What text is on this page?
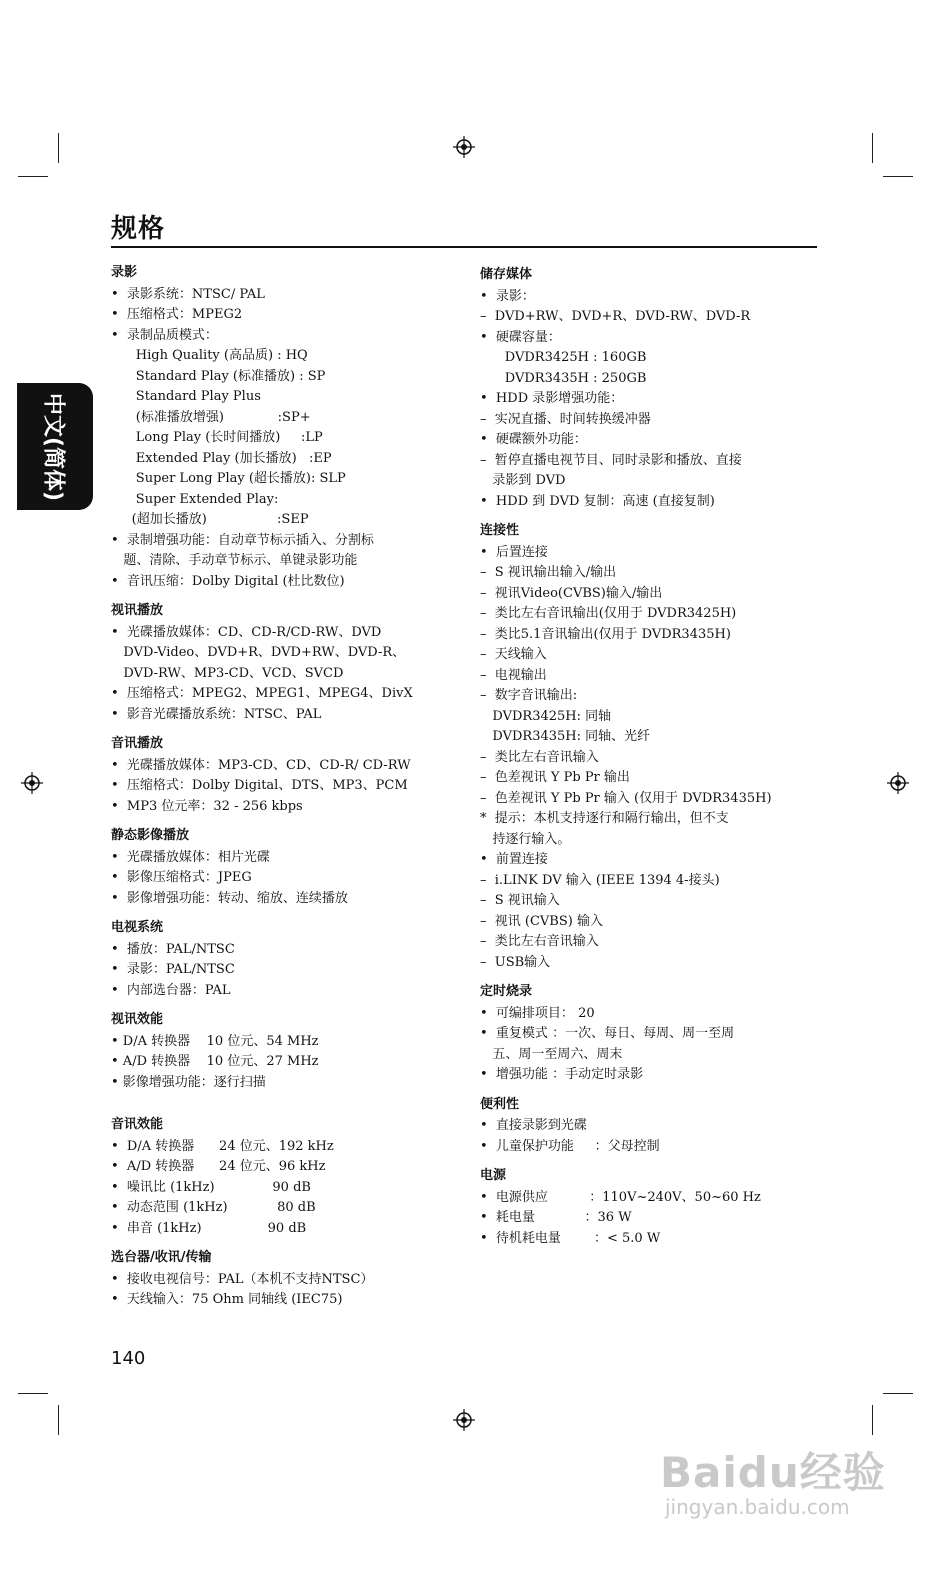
中文(简体)
规格
录影
•  录影系统：NTSC/ PAL
•  压缩格式：MPEG2
•  录制品质模式：
High Quality (高品质) : HQ
Standard Play (标准播放) : SP
Standard Play Plus
(标准播放增强)             :SP+
Long Play (长时间播放)     :LP
Extended Play (加长播放)   :EP
Super Long Play (超长播放): SLP
Super Extended Play:
(超加长播放)                 :SEP
•  录制增强功能：自动章节标示插入、分割标
题、清除、手动章节标示、单键录影功能
•  音讯压缩：Dolby Digital (杜比数位)
视讯播放
•  光碟播放媒体：CD、CD-R/CD-RW、DVD
DVD-Video、DVD+R、DVD+RW、DVD-R、
DVD-RW、MP3-CD、VCD、SVCD
•  压缩格式：MPEG2、MPEG1、MPEG4、DivX
•  影音光碟播放系统：NTSC、PAL
音讯播放
•  光碟播放媒体：MP3-CD、CD、CD-R/ CD-RW
•  压缩格式：Dolby Digital、DTS、MP3、PCM
•  MP3 位元率：32 - 256 kbps
静态影像播放
•  光碟播放媒体：相片光碟
•  影像压缩格式：JPEG
•  影像增强功能：转动、缩放、连续播放
电视系统
•  播放：PAL/NTSC
•  录影：PAL/NTSC
•  内部选台器：PAL
视讯效能
• D/A 转换器    10 位元、54 MHz
• A/D 转换器    10 位元、27 MHz
• 影像增强功能：逐行扫描
音讯效能
•  D/A 转换器      24 位元、192 kHz
•  A/D 转换器      24 位元、96 kHz
•  噪讯比 (1kHz)              90 dB
•  动态范围 (1kHz)            80 dB
•  串音 (1kHz)                90 dB
选台器/收讯/传输
•  接收电视信号：PAL（本机不支持NTSC）
•  天线输入：75 Ohm 同轴线 (IEC75)
储存媒体
•  录影：
–  DVD+RW、DVD+R、DVD-RW、DVD-R
•  硬碟容量：
DVDR3425H : 160GB
DVDR3435H : 250GB
•  HDD 录影增强功能：
–  实况直播、时间转换缓冲器
•  硬碟额外功能：
–  暂停直播电视节目、同时录影和播放、直接
录影到 DVD
•  HDD 到 DVD 复制：高速 (直接复制)
连接性
•  后置连接
–  S 视讯输出输入/输出
–  视讯Video(CVBS)输入/输出
–  类比左右音讯输出(仅用于 DVDR3425H)
–  类比5.1音讯输出(仅用于 DVDR3435H)
–  天线输入
–  电视输出
–  数字音讯输出:
DVDR3425H: 同轴
DVDR3435H: 同轴、光纤
–  类比左右音讯输入
–  色差视讯 Y Pb Pr 输出
–  色差视讯 Y Pb Pr 输入 (仅用于 DVDR3435H)
*  提示：本机支持逐行和隔行输出，但不支
持逐行输入。
•  前置连接
–  i.LINK DV 输入 (IEEE 1394 4-接头)
–  S 视讯输入
–  视讯 (CVBS) 输入
–  类比左右音讯输入
–  USB输入
定时烧录
•  可编排项目： 20
•  重复模式 ：一次、每日、每周、周一至周
五、周一至周六、周末
•  增强功能 ：手动定时录影
便利性
•  直接录影到光碟
•  儿童保护功能     ：父母控制
电源
•  电源供应          ：110V~240V、50~60 Hz
•  耗电量            ：36 W
•  待机耗电量        ：< 5.0 W
140
Baidu经验
jingyan.baidu.com
